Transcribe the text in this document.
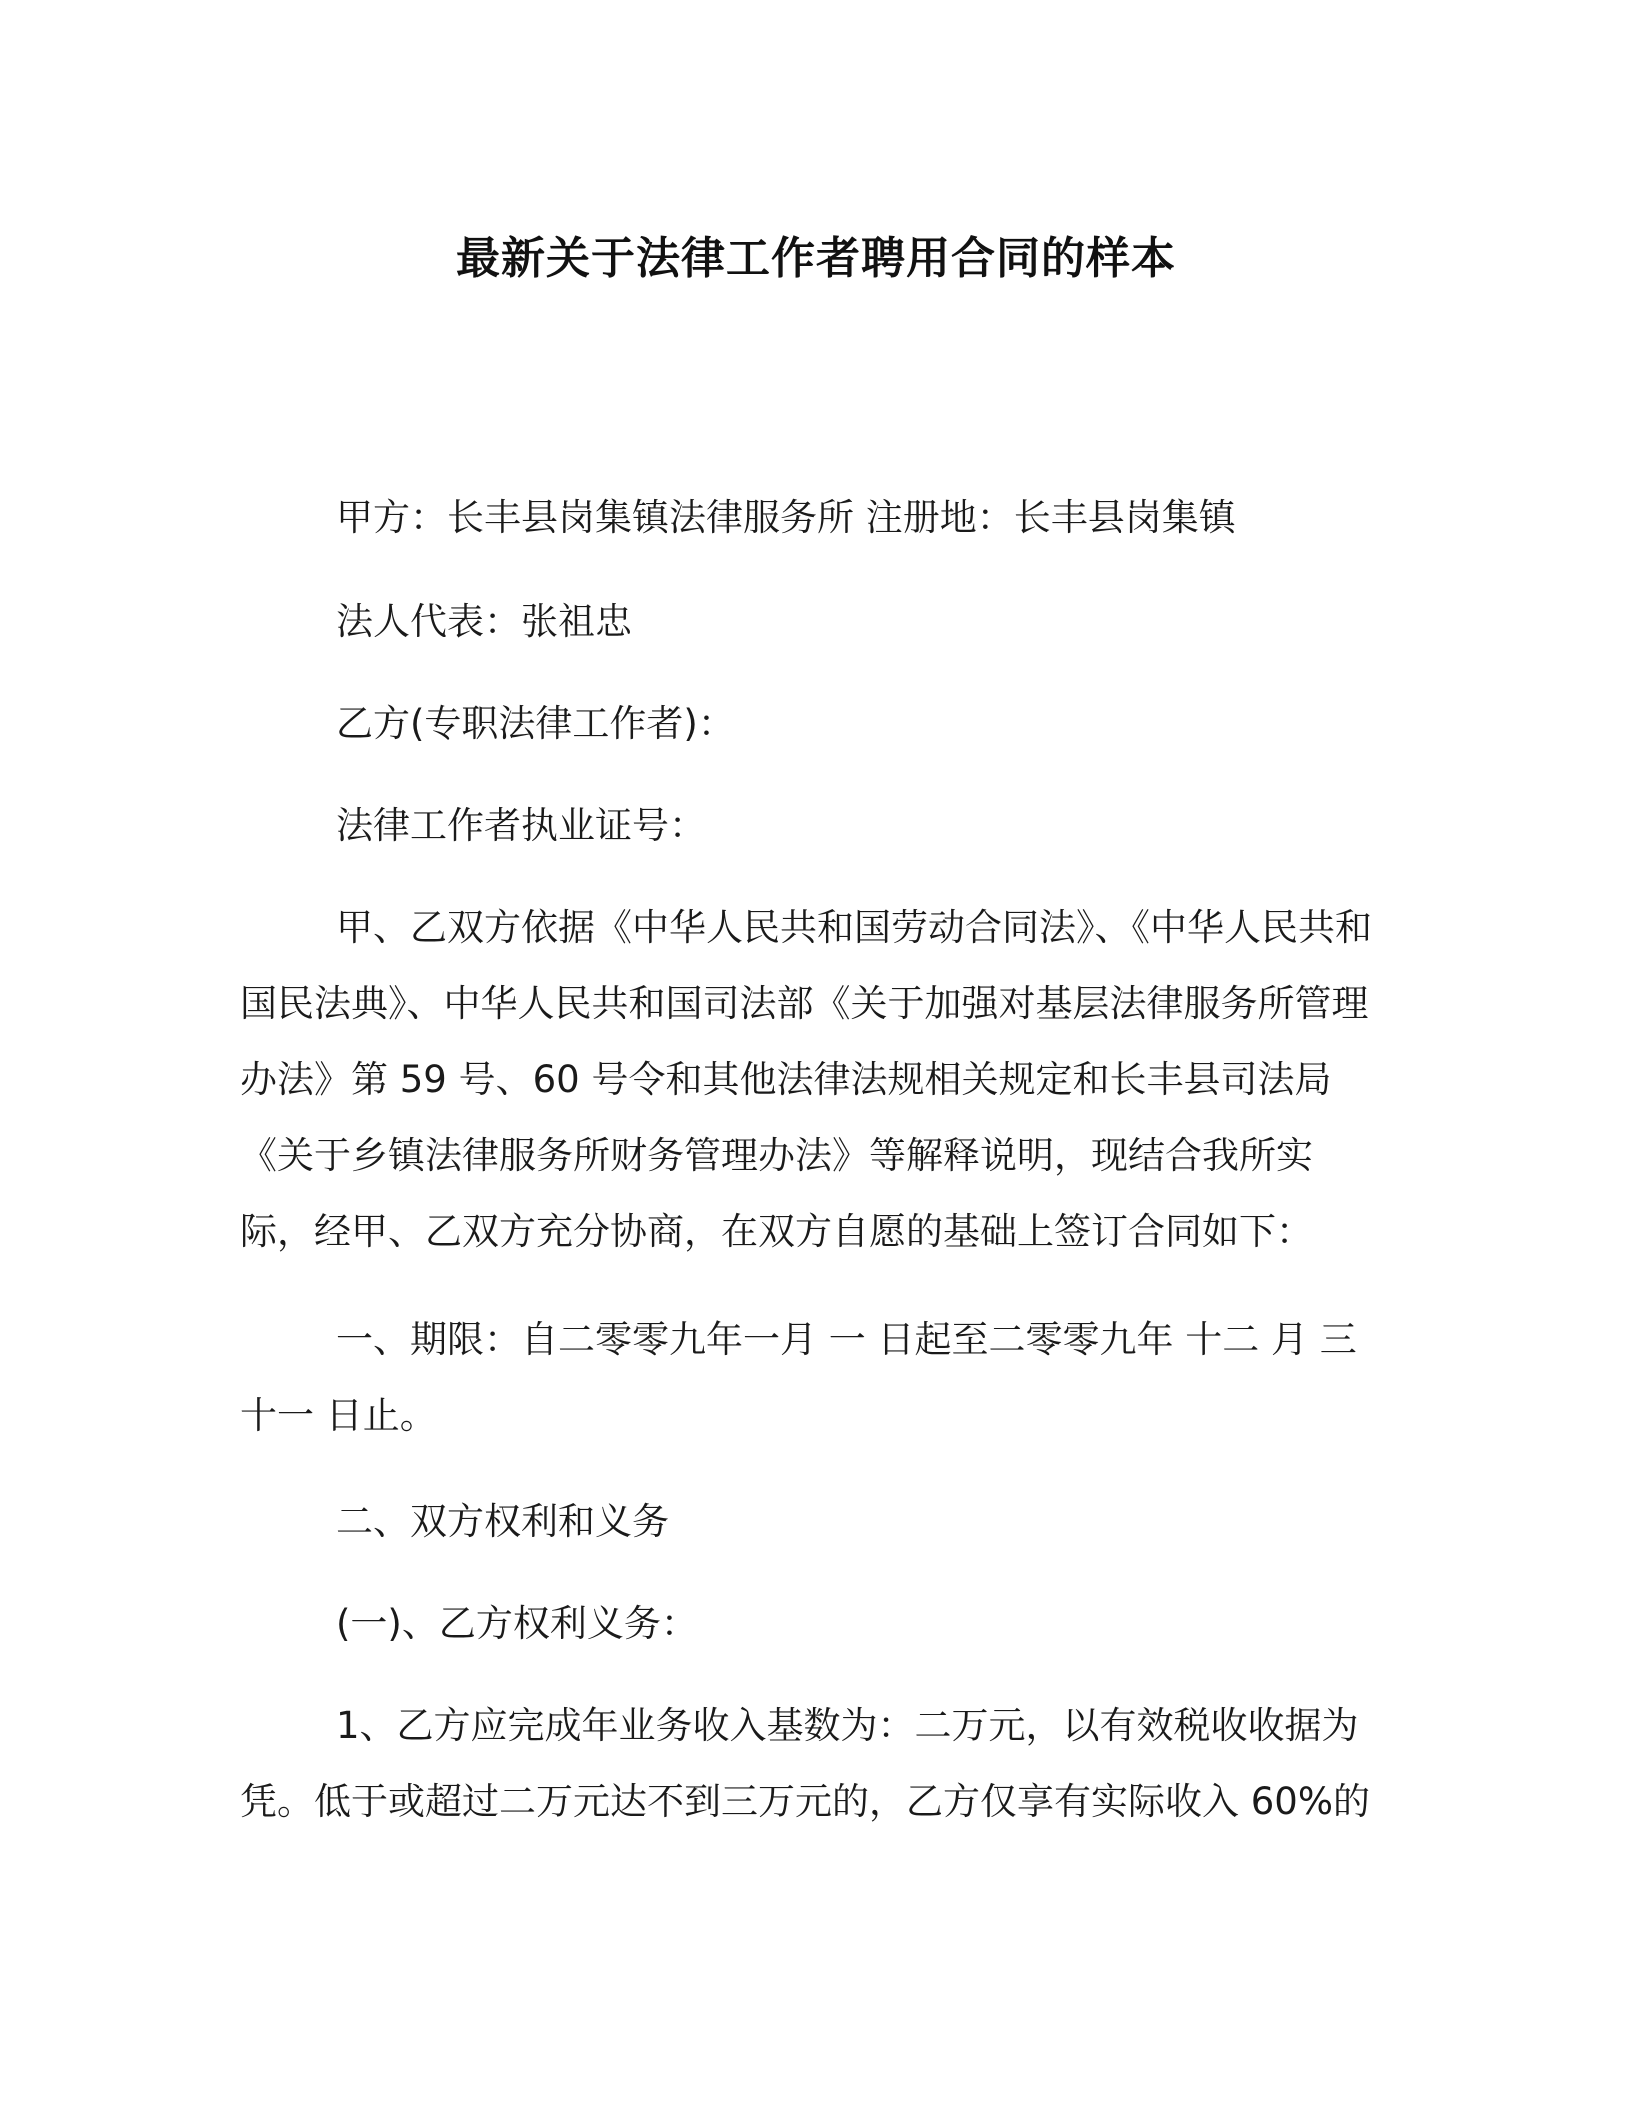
最新关于法律工作者聘用合同的样本

甲方：长丰县岗集镇法律服务所 注册地：长丰县岗集镇

法人代表：张祖忠

乙方(专职法律工作者)：

法律工作者执业证号：

甲、乙双方依据《中华人民共和国劳动合同法》、《中华人民共和国民法典》、中华人民共和国司法部《关于加强对基层法律服务所管理办法》第 59 号、60 号令和其他法律法规相关规定和长丰县司法局《关于乡镇法律服务所财务管理办法》等解释说明，现结合我所实际，经甲、乙双方充分协商，在双方自愿的基础上签订合同如下：

一、期限：自二零零九年一月 一 日起至二零零九年 十二 月 三十一 日止。

二、双方权利和义务

(一)、乙方权利义务：

1、乙方应完成年业务收入基数为：二万元，以有效税收收据为凭。低于或超过二万元达不到三万元的，乙方仅享有实际收入 60%的
